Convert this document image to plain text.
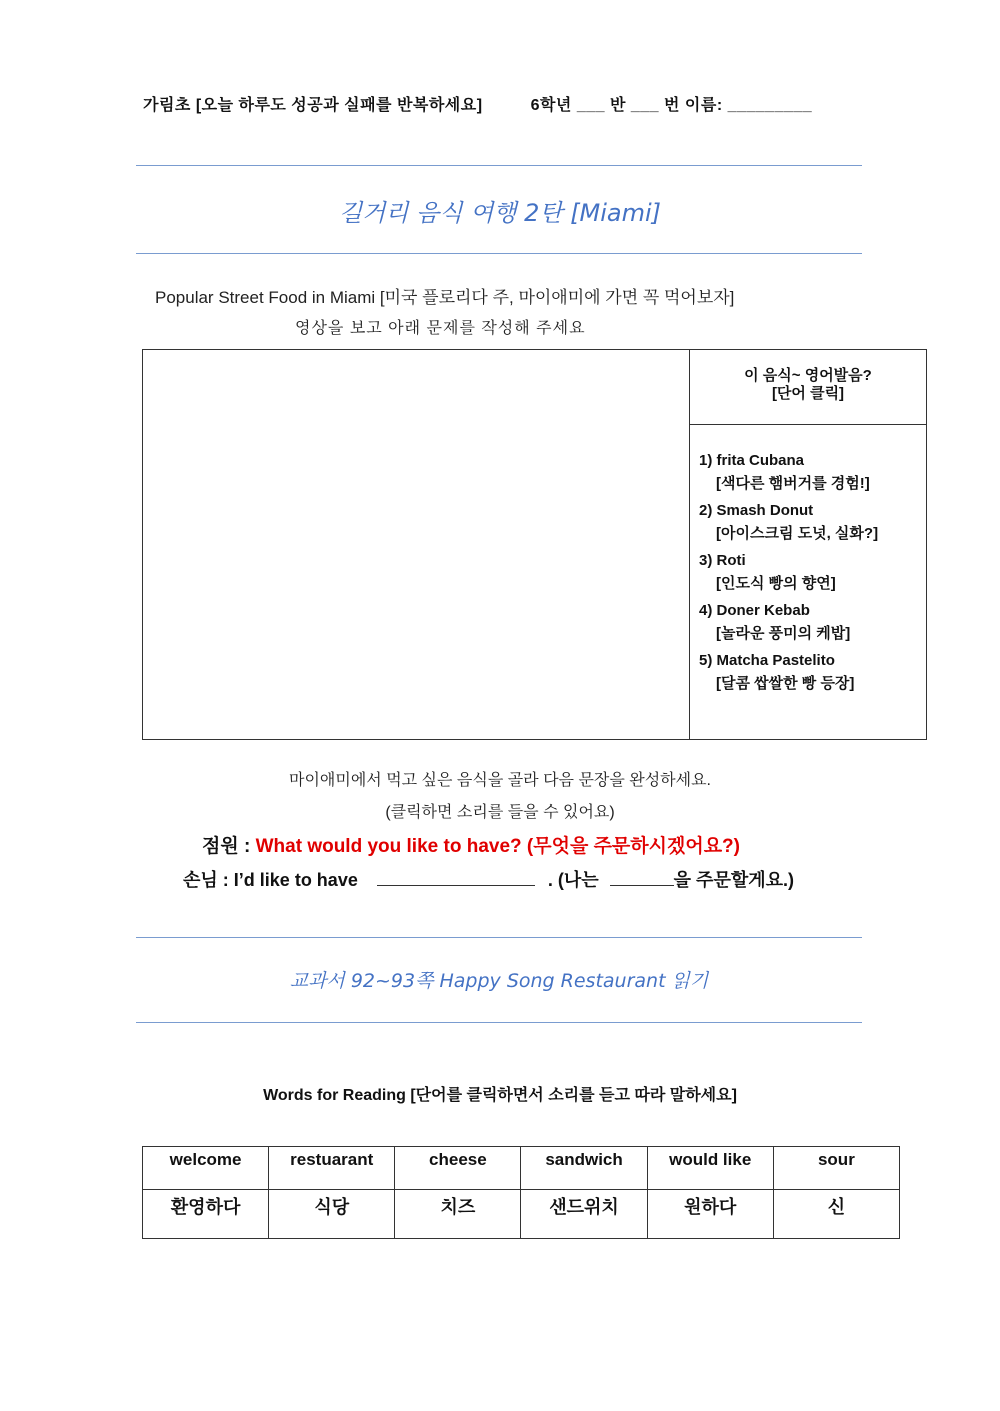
가림초 [오늘 하루도 성공과 실패를 반복하세요]	6학년 ___ 반 ___ 번 이름: _________
길거리 음식 여행 2탄 [Miami]
Popular Street Food in Miami [미국 플로리다 주, 마이애미에 가면 꼭 먹어보자]
영상을 보고 아래 문제를 작성해 주세요
이 음식~ 영어발음?
[단어 클릭]
1) frita Cubana
[색다른 햄버거를 경험!]
2) Smash Donut
[아이스크림 도넛, 실화?]
3) Roti
[인도식 빵의 향연]
4) Doner Kebab
[놀라운 풍미의 케밥]
5) Matcha Pastelito
[달콤 쌉쌀한 빵 등장]
마이애미에서 먹고 싶은 음식을 골라 다음 문장을 완성하세요.
(클릭하면 소리를 들을 수 있어요)
점원 : What would you like to have? (무엇을 주문하시겠어요?)
손님 : I’d like to have	. (나는	을 주문할게요.)
교과서 92~93쪽 Happy Song Restaurant 읽기
Words for Reading [단어를 클릭하면서 소리를 듣고 따라 말하세요]
welcome	restuarant	cheese	sandwich	would like	sour
환영하다	식당	치즈	샌드위치	원하다	신
